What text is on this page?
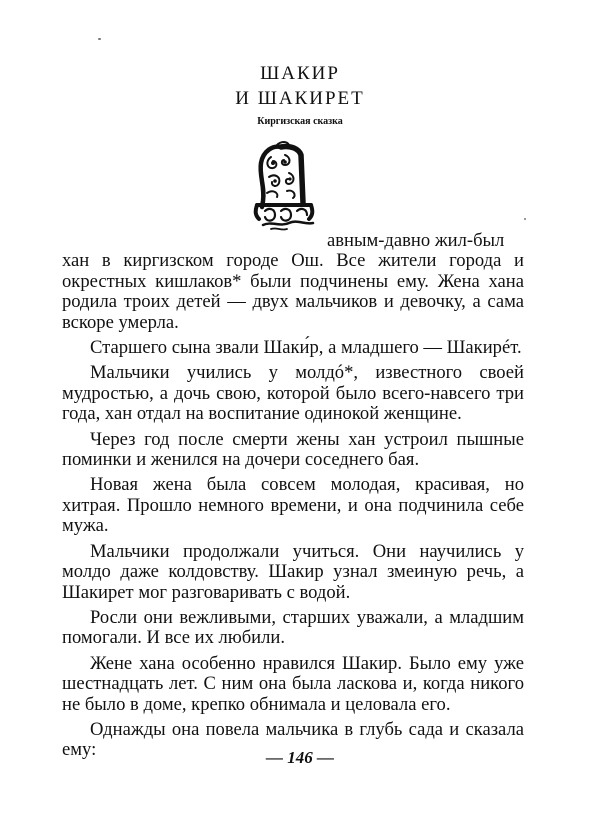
ШАКИР
И ШАКИРЕТ
Киргизская сказка

авным-давно жил-был
хан в киргизском городе Ош. Все жители города и окрестных кишлаков* были подчинены ему. Жена хана родила троих детей — двух мальчиков и девочку, а сама вскоре умерла.

Старшего сына звали Шаки́р, а младшего — Шакирéт.

Мальчики учились у молдó*, известного своей мудростью, а дочь свою, которой было всего-навсего три года, хан отдал на воспитание одинокой женщине.

Через год после смерти жены хан устроил пышные поминки и женился на дочери соседнего бая.

Новая жена была совсем молодая, красивая, но хитрая. Прошло немного времени, и она подчинила себе мужа.

Мальчики продолжали учиться. Они научились у молдо даже колдовству. Шакир узнал змеиную речь, а Шакирет мог разговаривать с водой.

Росли они вежливыми, старших уважали, а младшим помогали. И все их любили.

Жене хана особенно нравился Шакир. Было ему уже шестнадцать лет. С ним она была ласкова и, когда никого не было в доме, крепко обнимала и целовала его.

Однажды она повела мальчика в глубь сада и сказала ему:	— 146 —
